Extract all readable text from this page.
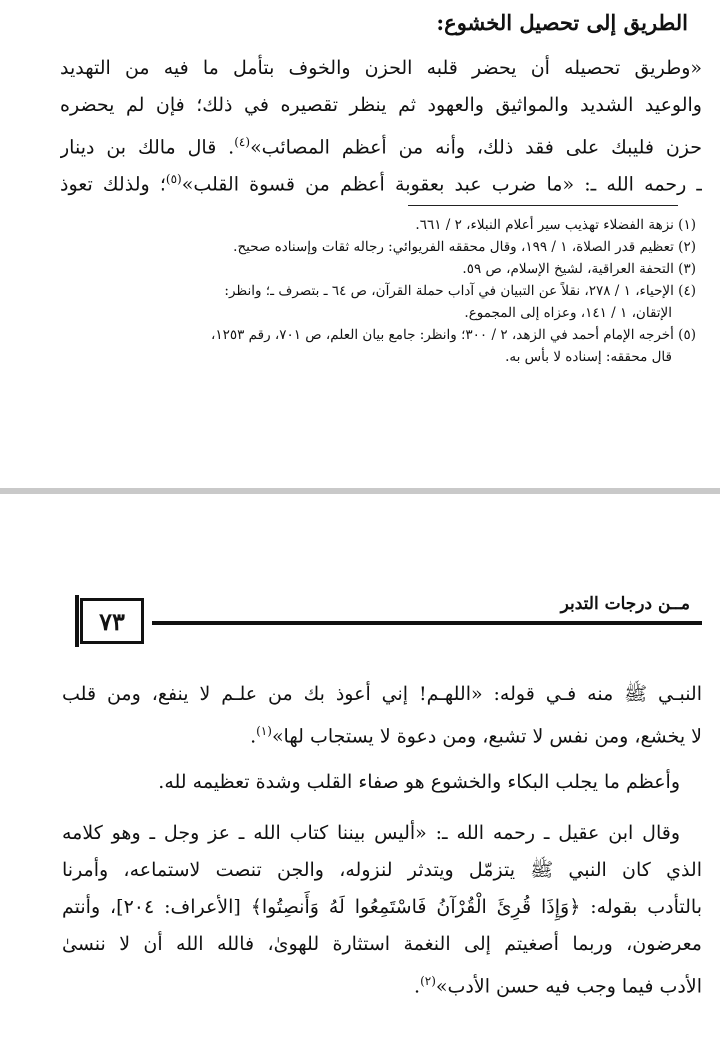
الطريق إلى تحصيل الخشوع:
«وطريق تحصيله أن يحضر قلبه الحزن والخوف بتأمل ما فيه من التهديد
والوعيد الشديد والمواثيق والعهود ثم ينظر تقصيره في ذلك؛ فإن لم يحضره
حزن فليبك على فقد ذلك، وأنه من أعظم المصائب»$^{(٤)}$. قال مالك بن دينار
ـ رحمه الله ـ: «ما ضرب عبد بعقوبة أعظم من قسوة القلب»$^{(٥)}$؛ ولذلك تعوذ
(١) نزهة الفضلاء تهذيب سير أعلام النبلاء، ٢ / ٦٦١.
(٢) تعظيم قدر الصلاة، ١ / ١٩٩، وقال محققه الفريوائي: رجاله ثقات وإسناده صحيح.
(٣) التحفة العراقية، لشيخ الإسلام، ص ٥٩.
(٤) الإحياء، ١ / ٢٧٨، نقلاً عن التبيان في آداب حملة القرآن، ص ٦٤ ـ بتصرف ـ؛ وانظر:
الإتقان، ١ / ١٤١، وعزاه إلى المجموع.
(٥) أخرجه الإمام أحمد في الزهد، ٢ / ٣٠٠؛ وانظر: جامع بيان العلم، ص ٧٠١، رقم ١٢٥٣،
قال محققه: إسناده لا بأس به.
مــن درجات التدبر
٧٣
النبـي ﷺ منه فـي قوله: «اللهـم! إني أعوذ بك من علـم لا ينفع، ومن قلب
لا يخشع، ومن نفس لا تشبع، ومن دعوة لا يستجاب لها»$^{(١)}$.
وأعظم ما يجلب البكاء والخشوع هو صفاء القلب وشدة تعظيمه لله.
وقال ابن عقيل ـ رحمه الله ـ: «أليس بيننا كتاب الله ـ عز وجل ـ وهو كلامه
الذي كان النبي ﷺ يتزمّل ويتدثر لنزوله، والجن تنصت لاستماعه، وأمرنا
بالتأدب بقوله: ﴿وَإِذَا قُرِئَ الْقُرْآنُ فَاسْتَمِعُوا لَهُ وَأَنصِتُوا﴾ [الأعراف: ٢٠٤]، وأنتم
معرضون، وربما أصغيتم إلى النغمة استثارة للهوىٰ، فالله الله أن لا ننسىٰ
الأدب فيما وجب فيه حسن الأدب»$^{(٢)}$.
